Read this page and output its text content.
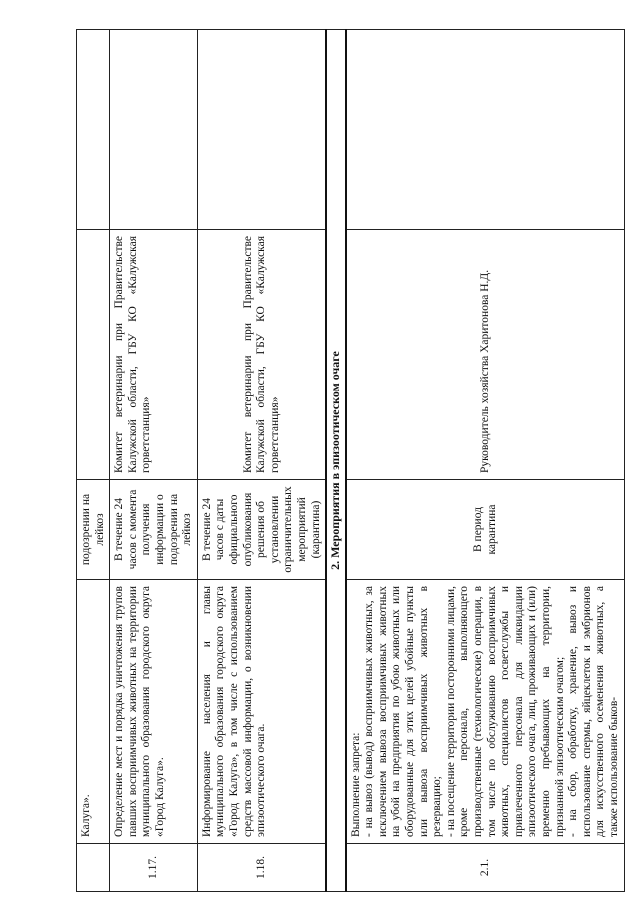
	Калуга».	подозрении на лейкоз		
1.17.	Определение мест и порядка уничтожения трупов павших восприимчивых животных на территории муниципального образования городского округа «Город Калуга».	В течение 24 часов с момента получения информации о подозрении на лейкоз	Комитет ветеринарии при Правительстве Калужской области, ГБУ КО «Калужская горветстанция»	
1.18.	Информирование населения и главы муниципального образования городского округа «Город Калуга», в том числе с использованием средств массовой информации, о возникновении эпизоотического очага.	В течение 24 часов с даты официального опубликования решения об установлении ограничительных мероприятий (карантина)	Комитет ветеринарии при Правительстве Калужской области, ГБУ КО «Калужская горветстанция»	
2. Мероприятия в эпизоотическом очаге				
2.1.	Выполнение запрета: - на вывоз (вывод) восприимчивых животных, за исключением вывоза восприимчивых животных на убой на предприятия по убою животных или оборудованные для этих целей убойные пункты или вывоза восприимчивых животных в резервацию; - на посещение территории посторонними лицами, кроме персонала, выполняющего производственные (технологические) операции, в том числе по обслуживанию восприимчивых животных, специалистов госветслужбы и привлеченного персонала для ликвидации эпизоотического очага, лиц, проживающих и (или) временно пребывающих на территории, признанной эпизоотическим очагом; - на сбор, обработку, хранение, вывоз и использование спермы, яйцеклеток и эмбрионов для искусственного осеменения животных, а также использование быков-	В период карантина	Руководитель хозяйства Харитонова Н.Д.	
